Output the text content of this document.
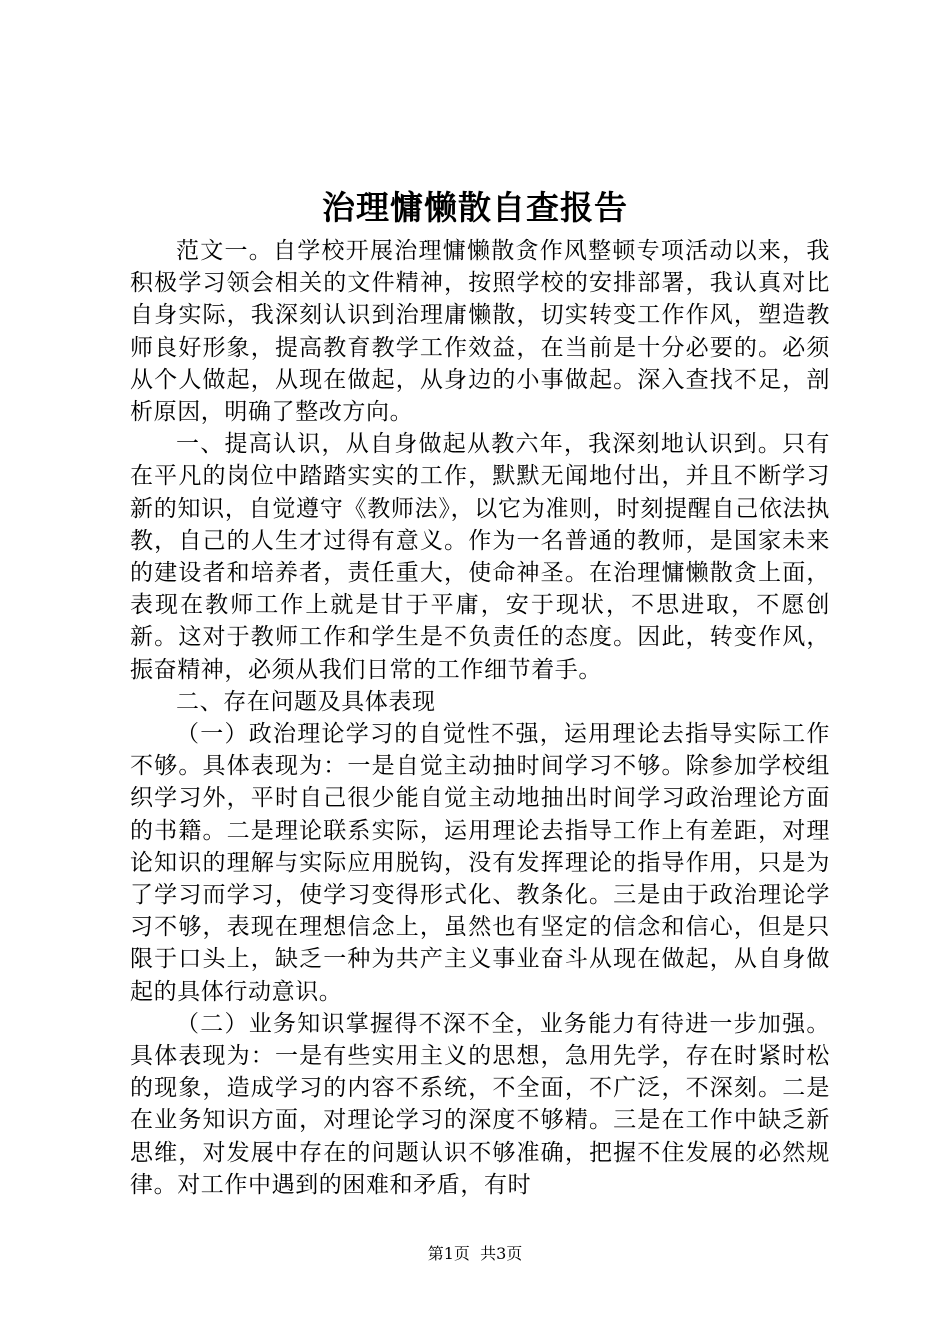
治理慵懒散自查报告

范文一。自学校开展治理慵懒散贪作风整顿专项活动以来，我积极学习领会相关的文件精神，按照学校的安排部署，我认真对比自身实际，我深刻认识到治理庸懒散，切实转变工作作风，塑造教师良好形象，提高教育教学工作效益，在当前是十分必要的。必须从个人做起，从现在做起，从身边的小事做起。深入查找不足，剖析原因，明确了整改方向。

一、提高认识，从自身做起从教六年，我深刻地认识到。只有在平凡的岗位中踏踏实实的工作，默默无闻地付出，并且不断学习新的知识，自觉遵守《教师法》，以它为准则，时刻提醒自己依法执教，自己的人生才过得有意义。作为一名普通的教师，是国家未来的建设者和培养者，责任重大，使命神圣。在治理慵懒散贪上面，表现在教师工作上就是甘于平庸，安于现状，不思进取，不愿创新。这对于教师工作和学生是不负责任的态度。因此，转变作风，振奋精神，必须从我们日常的工作细节着手。

二、存在问题及具体表现

（一）政治理论学习的自觉性不强，运用理论去指导实际工作不够。具体表现为：一是自觉主动抽时间学习不够。除参加学校组织学习外，平时自己很少能自觉主动地抽出时间学习政治理论方面的书籍。二是理论联系实际，运用理论去指导工作上有差距，对理论知识的理解与实际应用脱钩，没有发挥理论的指导作用，只是为了学习而学习，使学习变得形式化、教条化。三是由于政治理论学习不够，表现在理想信念上，虽然也有坚定的信念和信心，但是只限于口头上，缺乏一种为共产主义事业奋斗从现在做起，从自身做起的具体行动意识。

（二）业务知识掌握得不深不全，业务能力有待进一步加强。具体表现为：一是有些实用主义的思想，急用先学，存在时紧时松的现象，造成学习的内容不系统，不全面，不广泛，不深刻。二是在业务知识方面，对理论学习的深度不够精。三是在工作中缺乏新思维，对发展中存在的问题认识不够准确，把握不住发展的必然规律。对工作中遇到的困难和矛盾，有时

第1页 共3页
